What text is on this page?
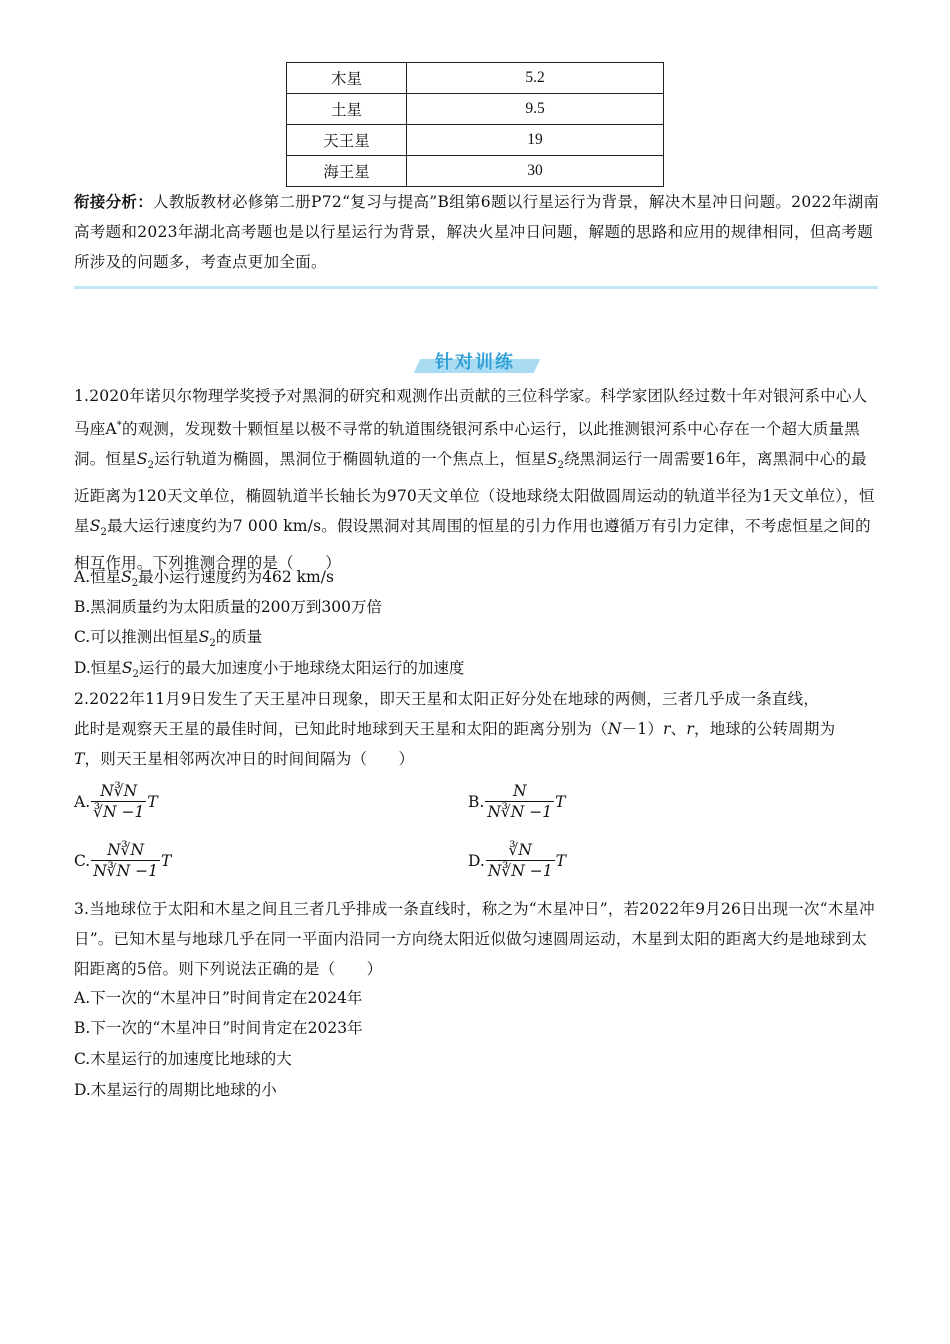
木星	5.2
土星	9.5
天王星	19
海王星	30
衔接分析：人教版教材必修第二册P72“复习与提高”B组第6题以行星运行为背景，解决木星冲日问题。2022年湖南高考题和2023年湖北高考题也是以行星运行为背景，解决火星冲日问题，解题的思路和应用的规律相同，但高考题所涉及的问题多，考查点更加全面。
针对训练
1.2020年诺贝尔物理学奖授予对黑洞的研究和观测作出贡献的三位科学家。科学家团队经过数十年对银河系中心人马座A*的观测，发现数十颗恒星以极不寻常的轨道围绕银河系中心运行，以此推测银河系中心存在一个超大质量黑洞。恒星$S_2$运行轨道为椭圆，黑洞位于椭圆轨道的一个焦点上，恒星$S_2$绕黑洞运行一周需要16年，离黑洞中心的最近距离为120天文单位，椭圆轨道半长轴长为970天文单位（设地球绕太阳做圆周运动的轨道半径为1天文单位），恒星$S_2$最大运行速度约为7 000 km/s。假设黑洞对其周围的恒星的引力作用也遵循万有引力定律，不考虑恒星之间的相互作用。下列推测合理的是（　　）
A.恒星$S_2$最小运行速度约为462 km/s
B.黑洞质量约为太阳质量的200万到300万倍
C.可以推测出恒星$S_2$的质量
D.恒星$S_2$运行的最大加速度小于地球绕太阳运行的加速度
2.2022年11月9日发生了天王星冲日现象，即天王星和太阳正好分处在地球的两侧，三者几乎成一条直线，
此时是观察天王星的最佳时间，已知此时地球到天王星和太阳的距离分别为（N－1）r、r，地球的公转周期为
T，则天王星相邻两次冲日的时间间隔为（　　）
A. $\frac{N∛N}{∛N -1}$ T	B. $\frac{N}{N∛N -1}$ T
C. $\frac{N∛N}{N∛N -1}$ T	D. $\frac{∛N}{N∛N -1}$ T
3.当地球位于太阳和木星之间且三者几乎排成一条直线时，称之为“木星冲日”，若2022年9月26日出现一次“木星冲日”。已知木星与地球几乎在同一平面内沿同一方向绕太阳近似做匀速圆周运动，木星到太阳的距离大约是地球到太阳距离的5倍。则下列说法正确的是（　　）
A.下一次的“木星冲日”时间肯定在2024年
B.下一次的“木星冲日”时间肯定在2023年
C.木星运行的加速度比地球的大
D.木星运行的周期比地球的小
